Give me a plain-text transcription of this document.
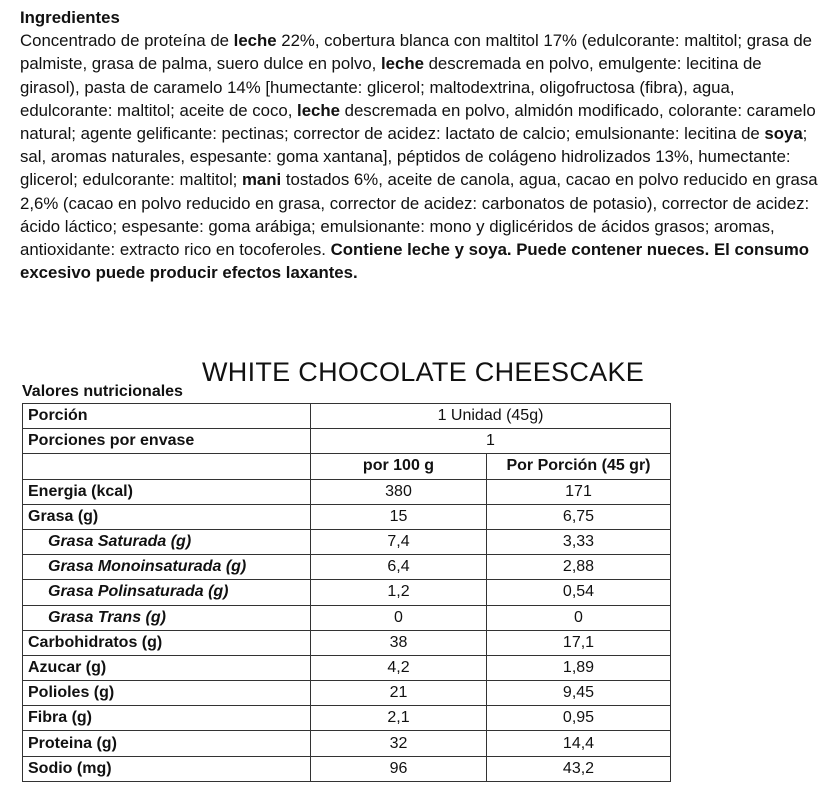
Ingredientes
Concentrado de proteína de leche 22%, cobertura blanca con maltitol 17% (edulcorante: maltitol; grasa de palmiste, grasa de palma, suero dulce en polvo, leche descremada en polvo, emulgente: lecitina de girasol), pasta de caramelo 14% [humectante: glicerol; maltodextrina, oligofructosa (fibra), agua, edulcorante: maltitol; aceite de coco, leche descremada en polvo, almidón modificado, colorante: caramelo natural; agente gelificante: pectinas; corrector de acidez: lactato de calcio; emulsionante: lecitina de soya; sal, aromas naturales, espesante: goma xantana], péptidos de colágeno hidrolizados 13%, humectante: glicerol; edulcorante: maltitol; mani tostados 6%, aceite de canola, agua, cacao en polvo reducido en grasa 2,6% (cacao en polvo reducido en grasa, corrector de acidez: carbonatos de potasio), corrector de acidez: ácido láctico; espesante: goma arábiga; emulsionante: mono y diglicéridos de ácidos grasos; aromas, antioxidante: extracto rico en tocoferoles. Contiene leche y soya. Puede contener nueces. El consumo excesivo puede producir efectos laxantes.
WHITE CHOCOLATE CHEESCAKE
Valores nutricionales
Porción	1 Unidad (45g)	
Porciones por envase	1	
	por 100 g	Por Porción (45 gr)
Energia (kcal)	380	171
Grasa (g)	15	6,75
Grasa Saturada (g)	7,4	3,33
Grasa Monoinsaturada (g)	6,4	2,88
Grasa Polinsaturada (g)	1,2	0,54
Grasa Trans (g)	0	0
Carbohidratos (g)	38	17,1
Azucar (g)	4,2	1,89
Polioles (g)	21	9,45
Fibra (g)	2,1	0,95
Proteina (g)	32	14,4
Sodio (mg)	96	43,2
